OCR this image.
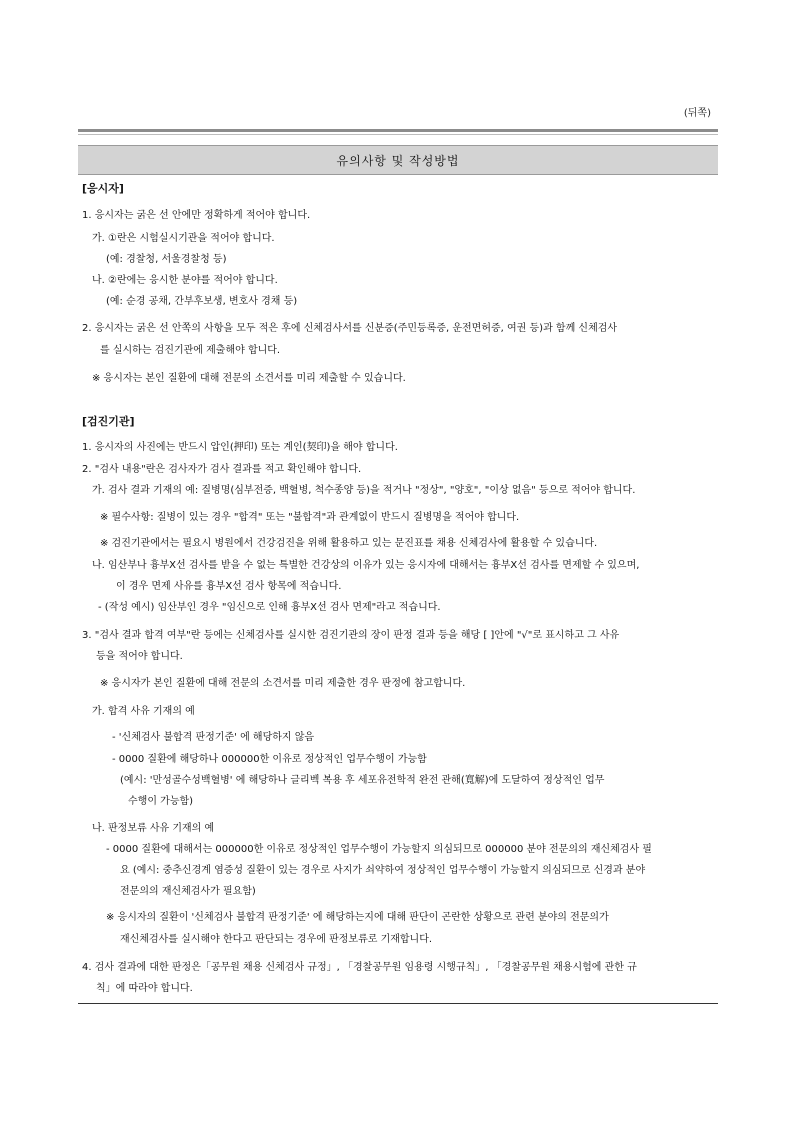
(뒤쪽)
유의사항 및 작성방법
[응시자]
1. 응시자는 굵은 선 안에만 정확하게 적어야 합니다.
가. ①란은 시험실시기관을 적어야 합니다.
(예: 경찰청, 서울경찰청 등)
나. ②란에는 응시한 분야를 적어야 합니다.
(예: 순경 공채, 간부후보생, 변호사 경채 등)
2. 응시자는 굵은 선 안쪽의 사항을 모두 적은 후에 신체검사서를 신분증(주민등록증, 운전면허증, 여권 등)과 함께 신체검사
를 실시하는 검진기관에 제출해야 합니다.
※ 응시자는 본인 질환에 대해 전문의 소견서를 미리 제출할 수 있습니다.
[검진기관]
1. 응시자의 사진에는 반드시 압인(押印) 또는 계인(契印)을 해야 합니다.
2. "검사 내용"란은 검사자가 검사 결과를 적고 확인해야 합니다.
가. 검사 결과 기재의 예: 질병명(심부전증, 백혈병, 척수종양 등)을 적거나 "정상", "양호", "이상 없음" 등으로 적어야 합니다.
※ 필수사항: 질병이 있는 경우 "합격" 또는 "불합격"과 관계없이 반드시 질병명을 적어야 합니다.
※ 검진기관에서는 필요시 병원에서 건강검진을 위해 활용하고 있는 문진표를 채용 신체검사에 활용할 수 있습니다.
나. 임산부나 흉부X선 검사를 받을 수 없는 특별한 건강상의 이유가 있는 응시자에 대해서는 흉부X선 검사를 면제할 수 있으며,
이 경우 면제 사유를 흉부X선 검사 항목에 적습니다.
- (작성 예시) 임산부인 경우 "임신으로 인해 흉부X선 검사 면제"라고 적습니다.
3. "검사 결과 합격 여부"란 등에는 신체검사를 실시한 검진기관의 장이 판정 결과 등을 해당 [ ]안에 "√"로 표시하고 그 사유
등을 적어야 합니다.
※ 응시자가 본인 질환에 대해 전문의 소견서를 미리 제출한 경우 판정에 참고합니다.
가. 합격 사유 기재의 예
- '신체검사 불합격 판정기준' 에 해당하지 않음
- 0000 질환에 해당하나 000000한 이유로 정상적인 업무수행이 가능함
(예시: '만성골수성백혈병' 에 해당하나 글리벡 복용 후 세포유전학적 완전 관해(寬解)에 도달하여 정상적인 업무
수행이 가능함)
나. 판정보류 사유 기재의 예
- 0000 질환에 대해서는 000000한 이유로 정상적인 업무수행이 가능할지 의심되므로 000000 분야 전문의의 재신체검사 필
요 (예시: 중추신경계 염증성 질환이 있는 경우로 사지가 쇠약하여 정상적인 업무수행이 가능할지 의심되므로 신경과 분야
전문의의 재신체검사가 필요함)
※ 응시자의 질환이 '신체검사 불합격 판정기준' 에 해당하는지에 대해 판단이 곤란한 상황으로 관련 분야의 전문의가
재신체검사를 실시해야 한다고 판단되는 경우에 판정보류로 기재합니다.
4. 검사 결과에 대한 판정은「공무원 채용 신체검사 규정」, 「경찰공무원 임용령 시행규칙」, 「경찰공무원 채용시험에 관한 규
칙」에 따라야 합니다.
